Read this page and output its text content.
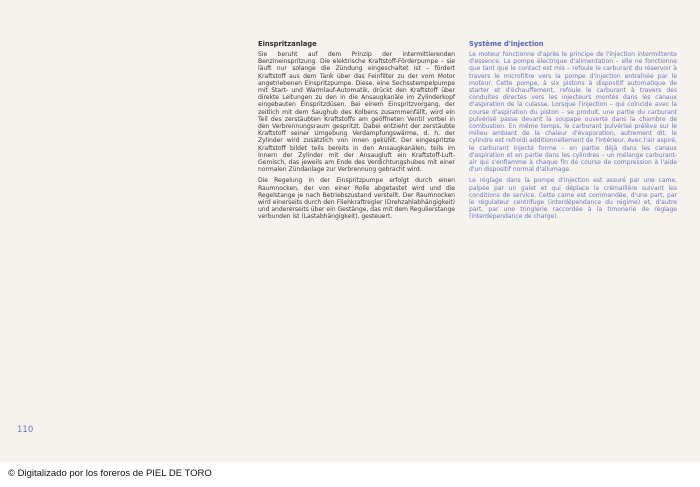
Einspritzanlage

Sie beruht auf dem Prinzip der intermittierenden Benzineinspritzung. Die elektrische Kraftstoff-Förderpumpe – sie läuft nur solange die Zündung eingeschaltet ist – fördert Kraftstoff aus dem Tank über das Feinfilter zu der vom Motor angetriebenen Einspritzpumpe. Diese, eine Sechsstempelpumpe mit Start- und Warmlauf-Automatik, drückt den Kraftstoff über direkte Leitungen zu den in die Ansaugkanäle im Zylinderkopf eingebauten Einspritzdüsen. Bei einem Einspritzvorgang, der zeitlich mit dem Saughub des Kolbens zusammenfällt, wird ein Teil des zerstäubten Kraftstoffs am geöffneten Ventil vorbei in den Verbrennungsraum gespritzt. Dabei entzieht der zerstäubte Kraftstoff seiner Umgebung Verdampfungswärme, d. h. der Zylinder wird zusätzlich von innen gekühlt. Der eingespritzte Kraftstoff bildet teils bereits in den Ansaugkanälen, teils im Innern der Zylinder mit der Ansaugluft ein Kraftstoff-Luft-Gemisch, das jeweils am Ende des Verdichtungshubes mit einer normalen Zündanlage zur Verbrennung gebracht wird.

Die Regelung in der Einspritzpumpe erfolgt durch einen Raumnocken, der von einer Rolle abgetastet wird und die Regelstange je nach Betriebszustand verstellt. Der Raumnocken wird einerseits durch den Fliehkraftregler (Drehzahlabhängigkeit) und andererseits über ein Gestänge, das mit dem Regulierstange verbunden ist (Lastabhängigkeit), gesteuert.

Système d'injection

Le moteur fonctionne d'après le principe de l'injection intermittente d'essence. La pompe électrique d'alimentation – elle ne fonctionne que tant que le contact est mis – refoule le carburant du réservoir à travers le microfiltre vers la pompe d'injection entraînée par le moteur. Cette pompe, à six pistons à dispositif automatique de starter et d'échauffement, refoule le carburant à travers des conduites directes vers les injecteurs montés dans les canaux d'aspiration de la culasse. Lorsque l'injection – qui coïncide avec la course d'aspiration du piston – se produit, une partie du carburant pulvérisé passe devant la soupape ouverte dans la chambre de combustion. En même temps, le carburant pulvérisé prélève sur le milieu ambiant de la chaleur d'évaporation, autrement dit, le cylindre est refroidi additionnellement de l'intérieur. Avec l'air aspiré, le carburant injecté forme – en partie déjà dans les canaux d'aspiration et en partie dans les cylindres – un mélange carburant-air qui s'enflamme à chaque fin de course de compression à l'aide d'un dispositif normal d'allumage.

Le réglage dans la pompe d'injection est assuré par une came, palpée par un galet et qui déplace la crémaillère suivant les conditions de service. Cette came est commandée, d'une part, par le régulateur centrifuge (interdépendance du régime) et, d'autre part, par une tringlerie raccordée à la timonerie de réglage (interdépendance de charge).

110
© Digitalizado por los foreros de PIEL DE TORO
